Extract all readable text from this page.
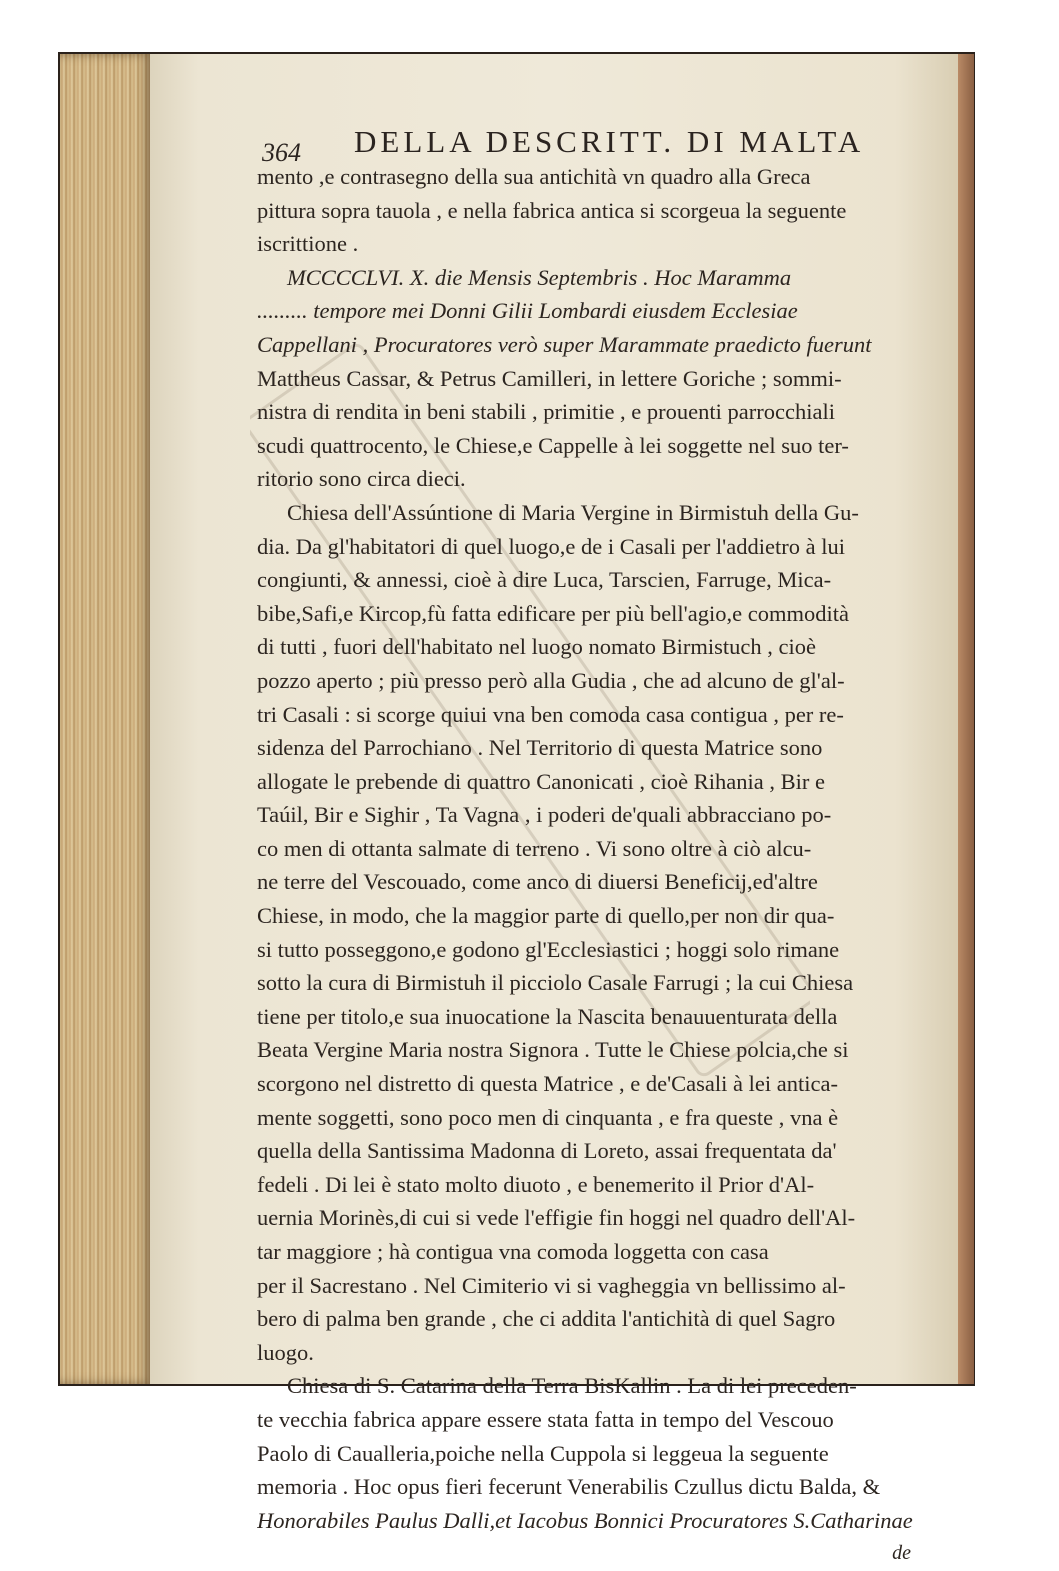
364 DELLA DESCRITT. DI MALTA
mento ,e contrasegno della sua antichità vn quadro alla Greca
pittura sopra tauola , e nella fabrica antica si scorgeua la seguente
iscrittione .
MCCCCLVI. X. die Mensis Septembris . Hoc Maramma
......... tempore mei Donni Gilii Lombardi eiusdem Ecclesiae
Cappellani , Procuratores verò super Marammate praedicto fuerunt
Mattheus Cassar, & Petrus Camilleri, in lettere Goriche ; sommi-
nistra di rendita in beni stabili , primitie , e prouenti parrocchiali
scudi quattrocento, le Chiese,e Cappelle à lei soggette nel suo ter-
ritorio sono circa dieci.
Chiesa dell'Assúntione di Maria Vergine in Birmistuh della Gu-
dia. Da gl'habitatori di quel luogo,e de i Casali per l'addietro à lui
congiunti, & annessi, cioè à dire Luca, Tarscien, Farruge, Mica-
bibe,Safi,e Kircop,fù fatta edificare per più bell'agio,e commodità
di tutti , fuori dell'habitato nel luogo nomato Birmistuch , cioè
pozzo aperto ; più presso però alla Gudia , che ad alcuno de gl'al-
tri Casali : si scorge quiui vna ben comoda casa contigua , per re-
sidenza del Parrochiano . Nel Territorio di questa Matrice sono
allogate le prebende di quattro Canonicati , cioè Rihania , Bir e
Taúil, Bir e Sighir , Ta Vagna , i poderi de'quali abbracciano po-
co men di ottanta salmate di terreno . Vi sono oltre à ciò alcu-
ne terre del Vescouado, come anco di diuersi Beneficij,ed'altre
Chiese, in modo, che la maggior parte di quello,per non dir qua-
si tutto posseggono,e godono gl'Ecclesiastici ; hoggi solo rimane
sotto la cura di Birmistuh il picciolo Casale Farrugi ; la cui Chiesa
tiene per titolo,e sua inuocatione la Nascita benauuenturata della
Beata Vergine Maria nostra Signora . Tutte le Chiese polcia,che si
scorgono nel distretto di questa Matrice , e de'Casali à lei antica-
mente soggetti, sono poco men di cinquanta , e fra queste , vna è
quella della Santissima Madonna di Loreto, assai frequentata da'
fedeli . Di lei è stato molto diuoto , e benemerito il Prior d'Al-
uernia Morinès,di cui si vede l'effigie fin hoggi nel quadro dell'Al-
tar maggiore ; hà contigua vna comoda loggetta con casa
per il Sacrestano . Nel Cimiterio vi si vagheggia vn bellissimo al-
bero di palma ben grande , che ci addita l'antichità di quel Sagro
luogo.
Chiesa di S. Catarina della Terra BisKallin . La di lei preceden-
te vecchia fabrica appare essere stata fatta in tempo del Vescouo
Paolo di Caualleria,poiche nella Cuppola si leggeua la seguente
memoria . Hoc opus fieri fecerunt Venerabilis Czullus dictu Balda, &
Honorabiles Paulus Dalli,et Iacobus Bonnici Procuratores S.Catharinae
de
